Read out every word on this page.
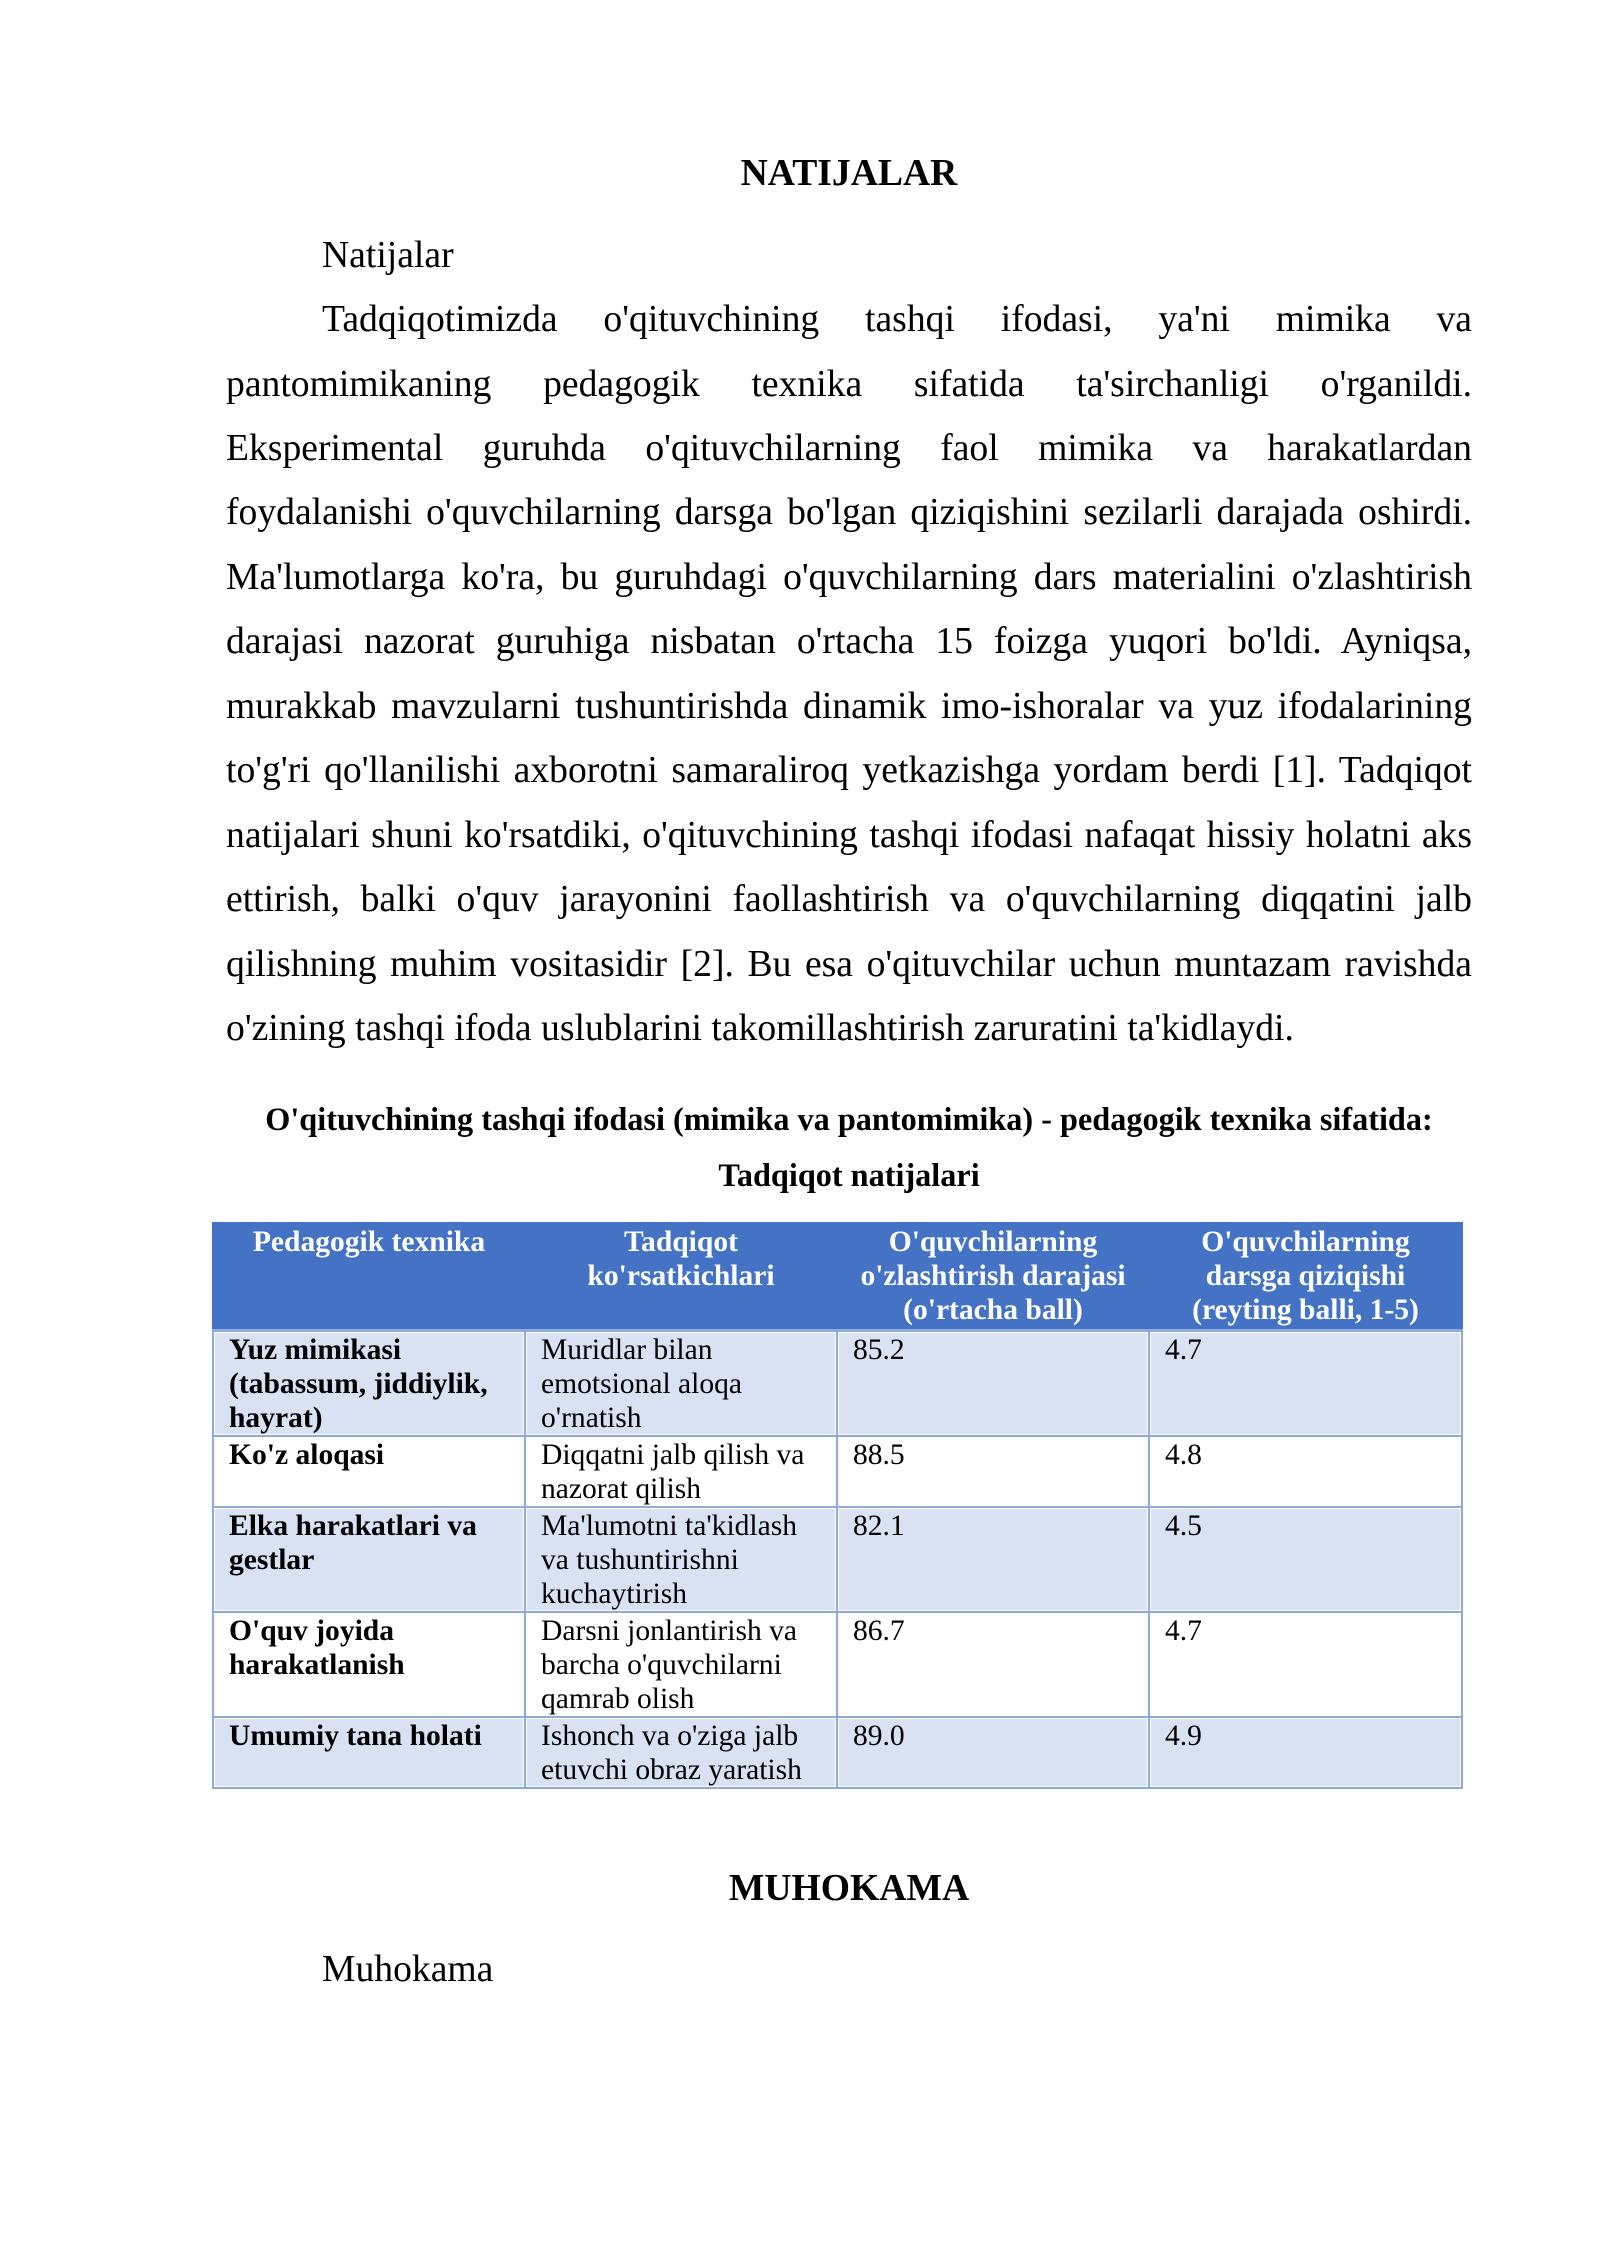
NATIJALAR
Natijalar
Tadqiqotimizda o'qituvchining tashqi ifodasi, ya'ni mimika va
pantomimikaning pedagogik texnika sifatida ta'sirchanligi o'rganildi.
Eksperimental guruhda o'qituvchilarning faol mimika va harakatlardan
foydalanishi o'quvchilarning darsga bo'lgan qiziqishini sezilarli darajada oshirdi.
Ma'lumotlarga ko'ra, bu guruhdagi o'quvchilarning dars materialini o'zlashtirish
darajasi nazorat guruhiga nisbatan o'rtacha 15 foizga yuqori bo'ldi. Ayniqsa,
murakkab mavzularni tushuntirishda dinamik imo-ishoralar va yuz ifodalarining
to'g'ri qo'llanilishi axborotni samaraliroq yetkazishga yordam berdi [1]. Tadqiqot
natijalari shuni ko'rsatdiki, o'qituvchining tashqi ifodasi nafaqat hissiy holatni aks
ettirish, balki o'quv jarayonini faollashtirish va o'quvchilarning diqqatini jalb
qilishning muhim vositasidir [2]. Bu esa o'qituvchilar uchun muntazam ravishda
o'zining tashqi ifoda uslublarini takomillashtirish zaruratini ta'kidlaydi.
O'qituvchining tashqi ifodasi (mimika va pantomimika) - pedagogik texnika sifatida: Tadqiqot natijalari
Pedagogik texnika	Tadqiqot ko'rsatkichlari	O'quvchilarning o'zlashtirish darajasi (o'rtacha ball)	O'quvchilarning darsga qiziqishi (reyting balli, 1-5)
Yuz mimikasi (tabassum, jiddiylik, hayrat)	Muridlar bilan emotsional aloqa o'rnatish	85.2	4.7
Ko'z aloqasi	Diqqatni jalb qilish va nazorat qilish	88.5	4.8
Elka harakatlari va gestlar	Ma'lumotni ta'kidlash va tushuntirishni kuchaytirish	82.1	4.5
O'quv joyida harakatlanish	Darsni jonlantirish va barcha o'quvchilarni qamrab olish	86.7	4.7
Umumiy tana holati	Ishonch va o'ziga jalb etuvchi obraz yaratish	89.0	4.9
MUHOKAMA
Muhokama
